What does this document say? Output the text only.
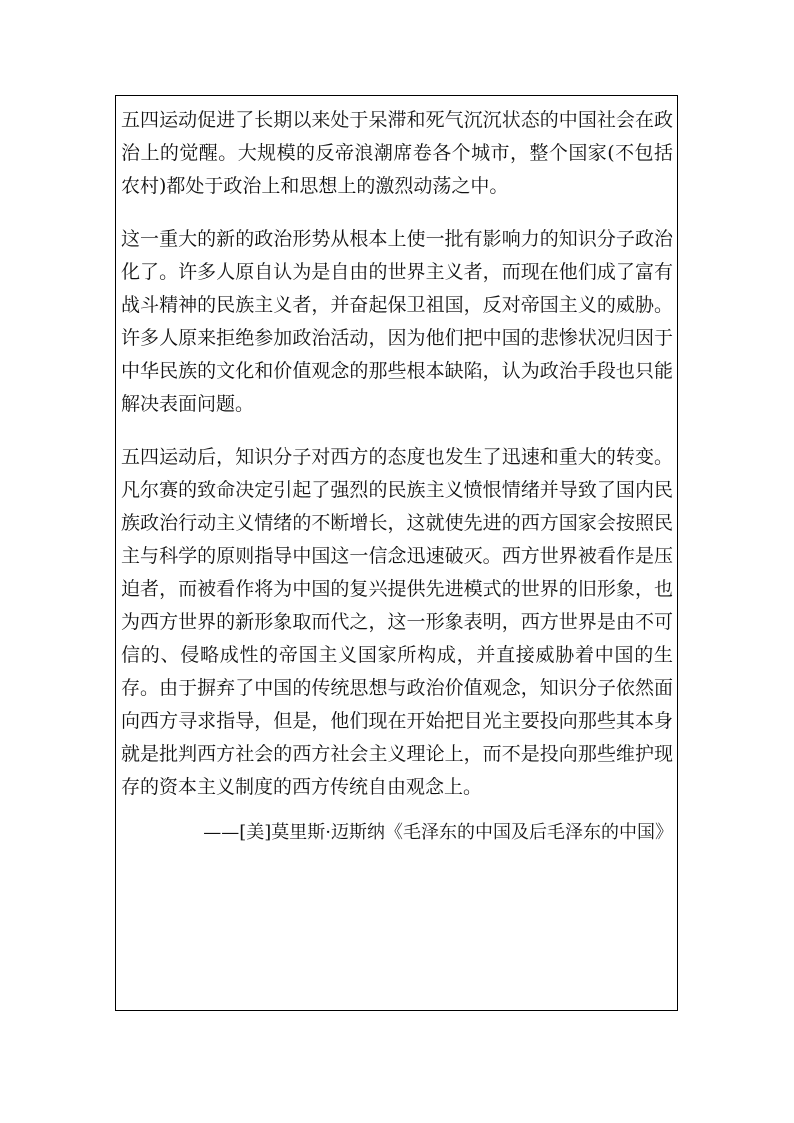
五四运动促进了长期以来处于呆滞和死气沉沉状态的中国社会在政治上的觉醒。大规模的反帝浪潮席卷各个城市，整个国家(不包括农村)都处于政治上和思想上的激烈动荡之中。

这一重大的新的政治形势从根本上使一批有影响力的知识分子政治化了。许多人原自认为是自由的世界主义者，而现在他们成了富有战斗精神的民族主义者，并奋起保卫祖国，反对帝国主义的威胁。许多人原来拒绝参加政治活动，因为他们把中国的悲惨状况归因于中华民族的文化和价值观念的那些根本缺陷，认为政治手段也只能解决表面问题。

五四运动后，知识分子对西方的态度也发生了迅速和重大的转变。凡尔赛的致命决定引起了强烈的民族主义愤恨情绪并导致了国内民族政治行动主义情绪的不断增长，这就使先进的西方国家会按照民主与科学的原则指导中国这一信念迅速破灭。西方世界被看作是压迫者，而被看作将为中国的复兴提供先进模式的世界的旧形象，也为西方世界的新形象取而代之，这一形象表明，西方世界是由不可信的、侵略成性的帝国主义国家所构成，并直接威胁着中国的生存。由于摒弃了中国的传统思想与政治价值观念，知识分子依然面向西方寻求指导，但是，他们现在开始把目光主要投向那些其本身就是批判西方社会的西方社会主义理论上，而不是投向那些维护现存的资本主义制度的西方传统自由观念上。

——[美]莫里斯·迈斯纳《毛泽东的中国及后毛泽东的中国》
